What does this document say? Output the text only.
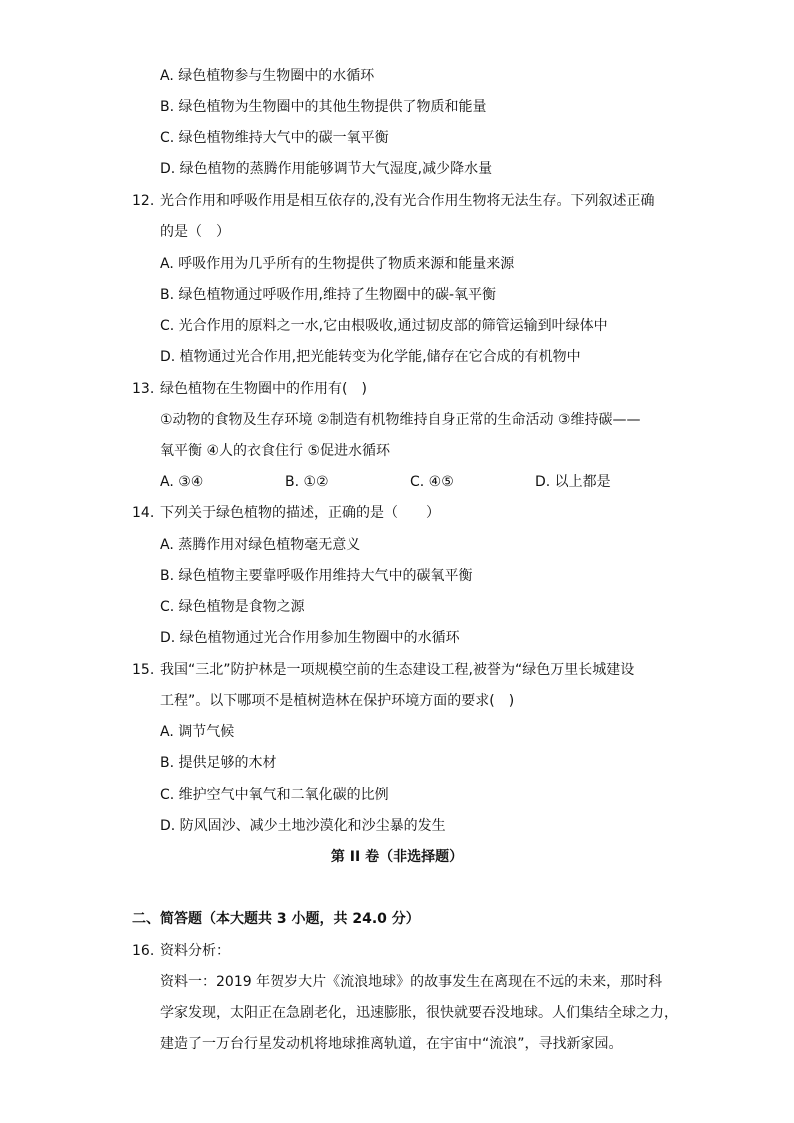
A. 绿色植物参与生物圈中的水循环
B. 绿色植物为生物圈中的其他生物提供了物质和能量
C. 绿色植物维持大气中的碳一氧平衡
D. 绿色植物的蒸腾作用能够调节大气湿度,减少降水量
12. 光合作用和呼吸作用是相互依存的,没有光合作用生物将无法生存。下列叙述正确
的是（　）
A. 呼吸作用为几乎所有的生物提供了物质来源和能量来源
B. 绿色植物通过呼吸作用,维持了生物圈中的碳-氧平衡
C. 光合作用的原料之一水,它由根吸收,通过韧皮部的筛管运输到叶绿体中
D. 植物通过光合作用,把光能转变为化学能,储存在它合成的有机物中
13. 绿色植物在生物圈中的作用有(　)
①动物的食物及生存环境 ②制造有机物维持自身正常的生命活动 ③维持碳——
氧平衡 ④人的衣食住行 ⑤促进水循环
A. ③④	B. ①②	C. ④⑤	D. 以上都是
14. 下列关于绿色植物的描述，正确的是（　　）
A. 蒸腾作用对绿色植物毫无意义
B. 绿色植物主要靠呼吸作用维持大气中的碳氧平衡
C. 绿色植物是食物之源
D. 绿色植物通过光合作用参加生物圈中的水循环
15. 我国“三北”防护林是一项规模空前的生态建设工程,被誉为“绿色万里长城建设
工程”。以下哪项不是植树造林在保护环境方面的要求(　)
A. 调节气候
B. 提供足够的木材
C. 维护空气中氧气和二氧化碳的比例
D. 防风固沙、减少土地沙漠化和沙尘暴的发生
第 II 卷（非选择题）
二、简答题（本大题共 3 小题，共 24.0 分）
16. 资料分析：
资料一：2019 年贺岁大片《流浪地球》的故事发生在离现在不远的未来，那时科
学家发现，太阳正在急剧老化，迅速膨胀，很快就要吞没地球。人们集结全球之力，
建造了一万台行星发动机将地球推离轨道，在宇宙中“流浪”，寻找新家园。
